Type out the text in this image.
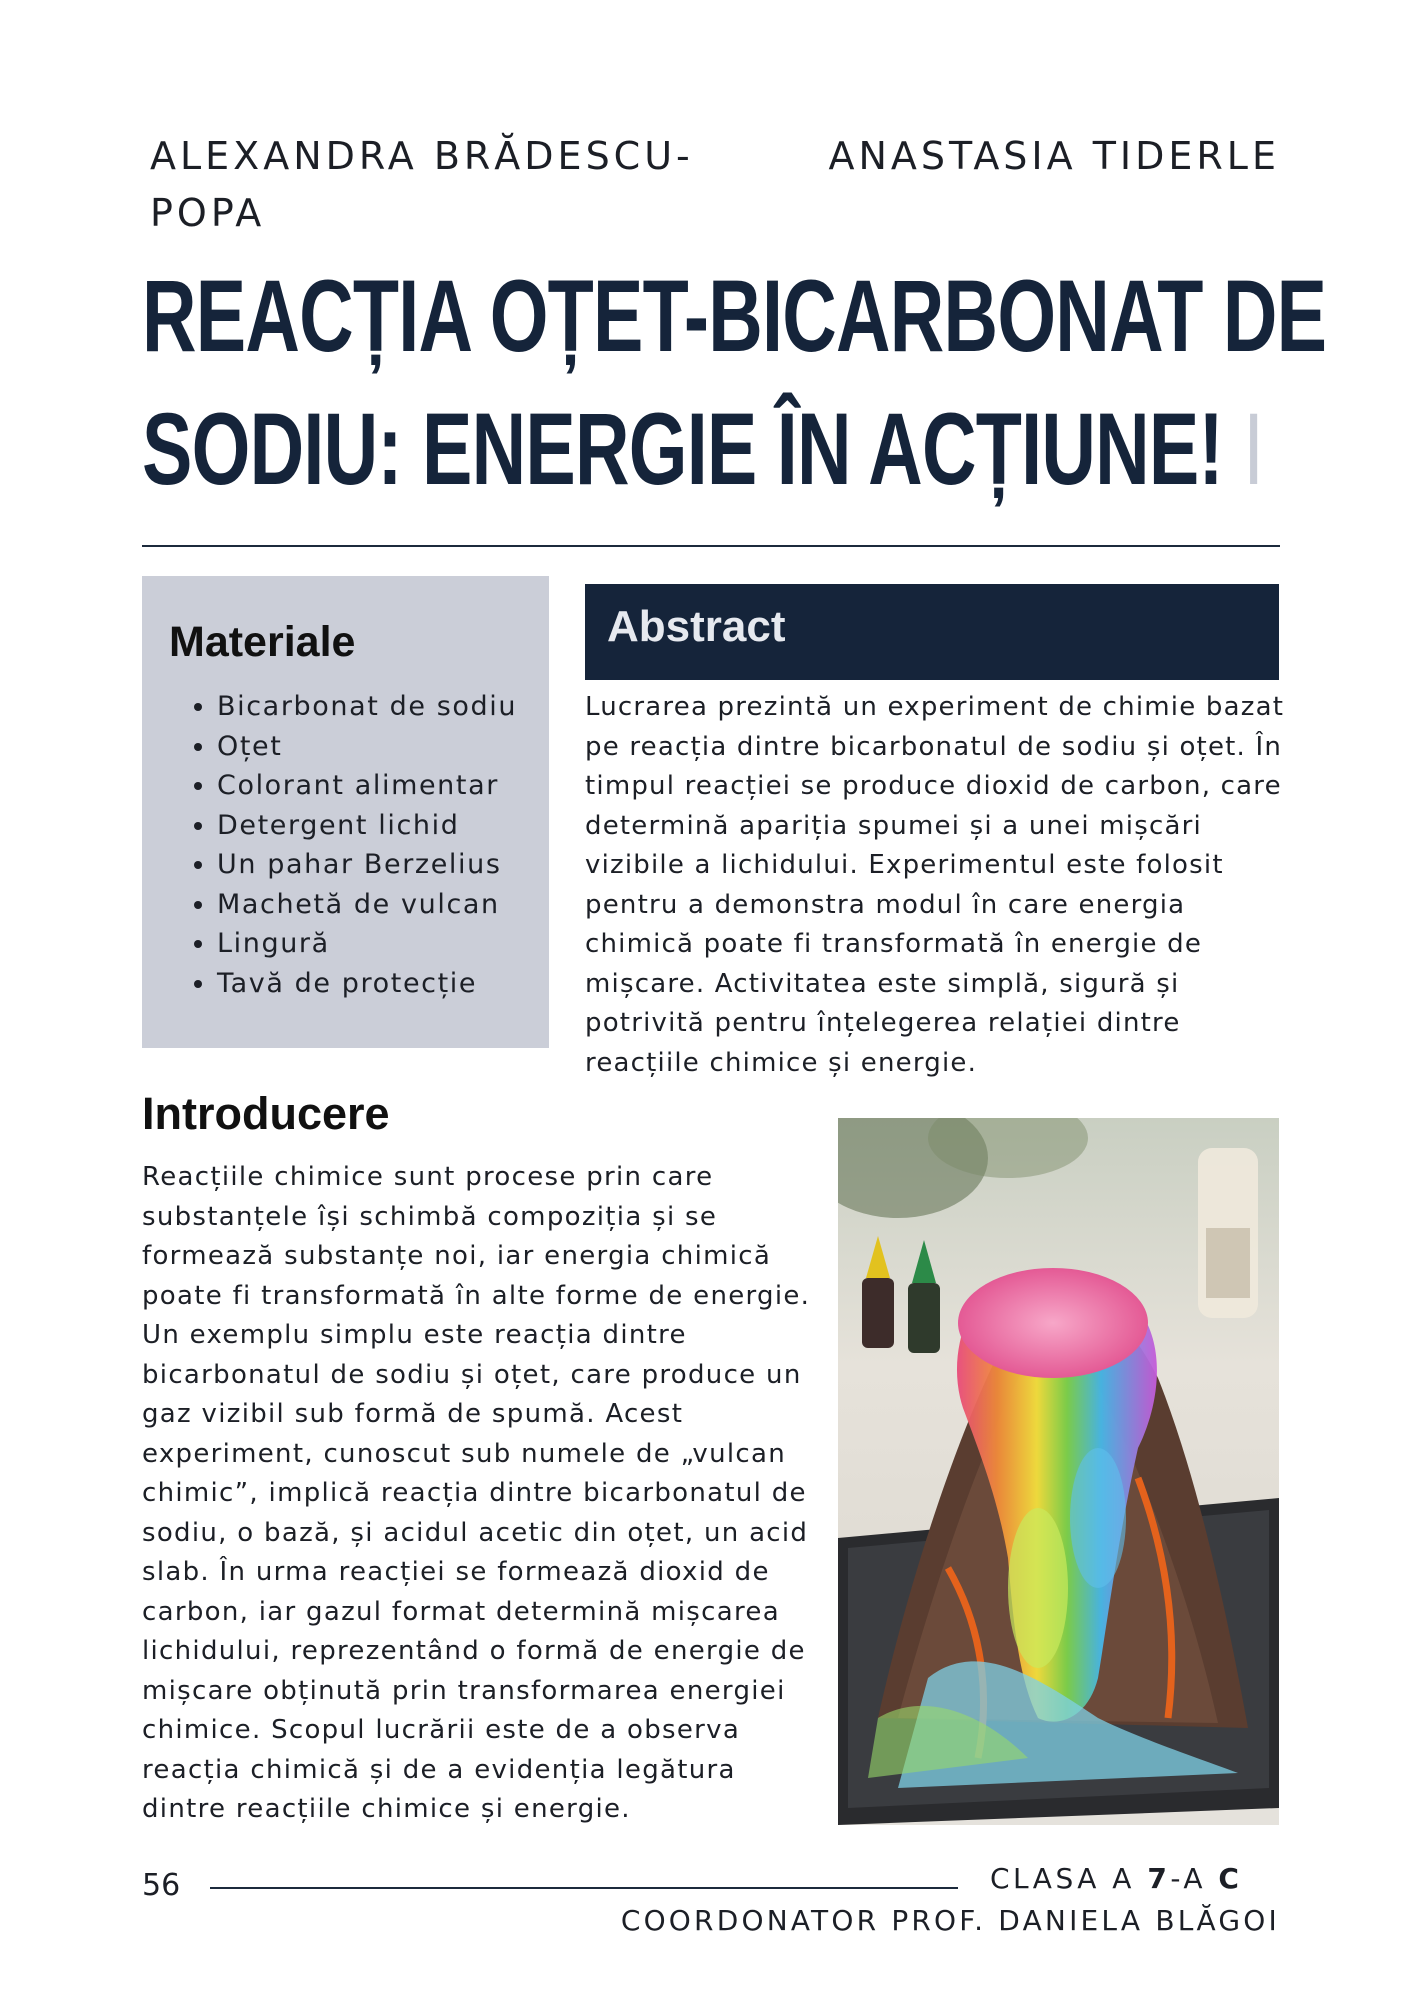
ALEXANDRA BRĂDESCU-POPA
ANASTASIA TIDERLE
REACȚIA OȚET-BICARBONAT DE
SODIU: ENERGIE ÎN ACȚIUNE! I
Materiale
• Bicarbonat de sodiu
• Oțet
• Colorant alimentar
• Detergent lichid
• Un pahar Berzelius
• Machetă de vulcan
• Lingură
• Tavă de protecție
Abstract

Lucrarea prezintă un experiment de chimie bazat pe reacția dintre bicarbonatul de sodiu și oțet. În timpul reacției se produce dioxid de carbon, care determină apariția spumei și a unei mișcări vizibile a lichidului. Experimentul este folosit pentru a demonstra modul în care energia chimică poate fi transformată în energie de mișcare. Activitatea este simplă, sigură și potrivită pentru înțelegerea relației dintre reacțiile chimice și energie.

Introducere

Reacțiile chimice sunt procese prin care substanțele își schimbă compoziția și se formează substanțe noi, iar energia chimică poate fi transformată în alte forme de energie. Un exemplu simplu este reacția dintre bicarbonatul de sodiu și oțet, care produce un gaz vizibil sub formă de spumă. Acest experiment, cunoscut sub numele de „vulcan chimic”, implică reacția dintre bicarbonatul de sodiu, o bază, și acidul acetic din oțet, un acid slab. În urma reacției se formează dioxid de carbon, iar gazul format determină mișcarea lichidului, reprezentând o formă de energie de mișcare obținută prin transformarea energiei chimice. Scopul lucrării este de a observa reacția chimică și de a evidenția legătura dintre reacțiile chimice și energie.

56	CLASA A 7-A C
COORDONATOR PROF. DANIELA BLĂGOI
